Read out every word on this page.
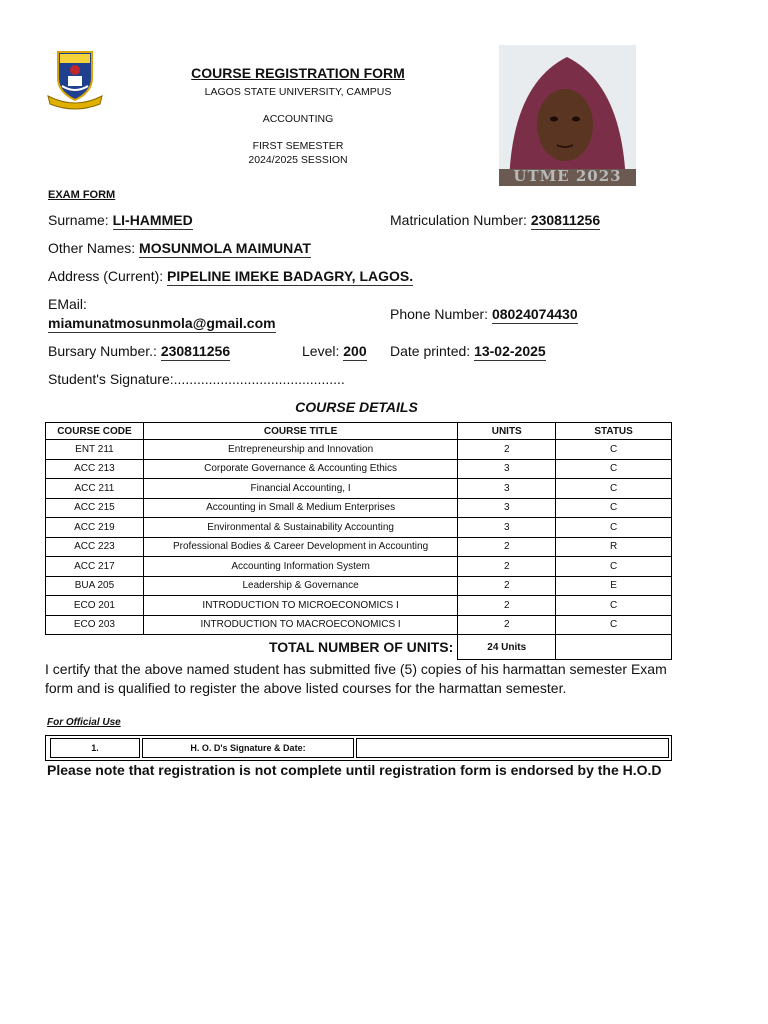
COURSE REGISTRATION FORM
LAGOS STATE UNIVERSITY, CAMPUS
ACCOUNTING
FIRST SEMESTER
2024/2025 SESSION
UTME 2023
EXAM FORM
Surname: LI-HAMMED	Matriculation Number: 230811256
Other Names: MOSUNMOLA MAIMUNAT
Address (Current): PIPELINE IMEKE BADAGRY, LAGOS.
EMail:
miamunatmosunmola@gmail.com
Phone Number: 08024074430
Bursary Number.: 230811256	Level: 200 Date printed: 13-02-2025
Student's Signature:............................................
COURSE DETAILS
COURSE CODE	COURSE TITLE	UNITS	STATUS
ENT 211	Entrepreneurship and Innovation	2	C
ACC 213	Corporate Governance & Accounting Ethics	3	C
ACC 211	Financial Accounting, I	3	C
ACC 215	Accounting in Small & Medium Enterprises	3	C
ACC 219	Environmental & Sustainability Accounting	3	C
ACC 223	Professional Bodies & Career Development in Accounting	2	R
ACC 217	Accounting Information System	2	C
BUA 205	Leadership & Governance	2	E
ECO 201	INTRODUCTION TO MICROECONOMICS I	2	C
ECO 203	INTRODUCTION TO MACROECONOMICS I	2	C
TOTAL NUMBER OF UNITS:		24 Units	
I certify that the above named student has submitted five (5) copies of his harmattan semester Exam form and is qualified to register the above listed courses for the harmattan semester.
For Official Use
1.	H. O. D's Signature & Date:
Please note that registration is not complete until registration form is endorsed by the H.O.D
